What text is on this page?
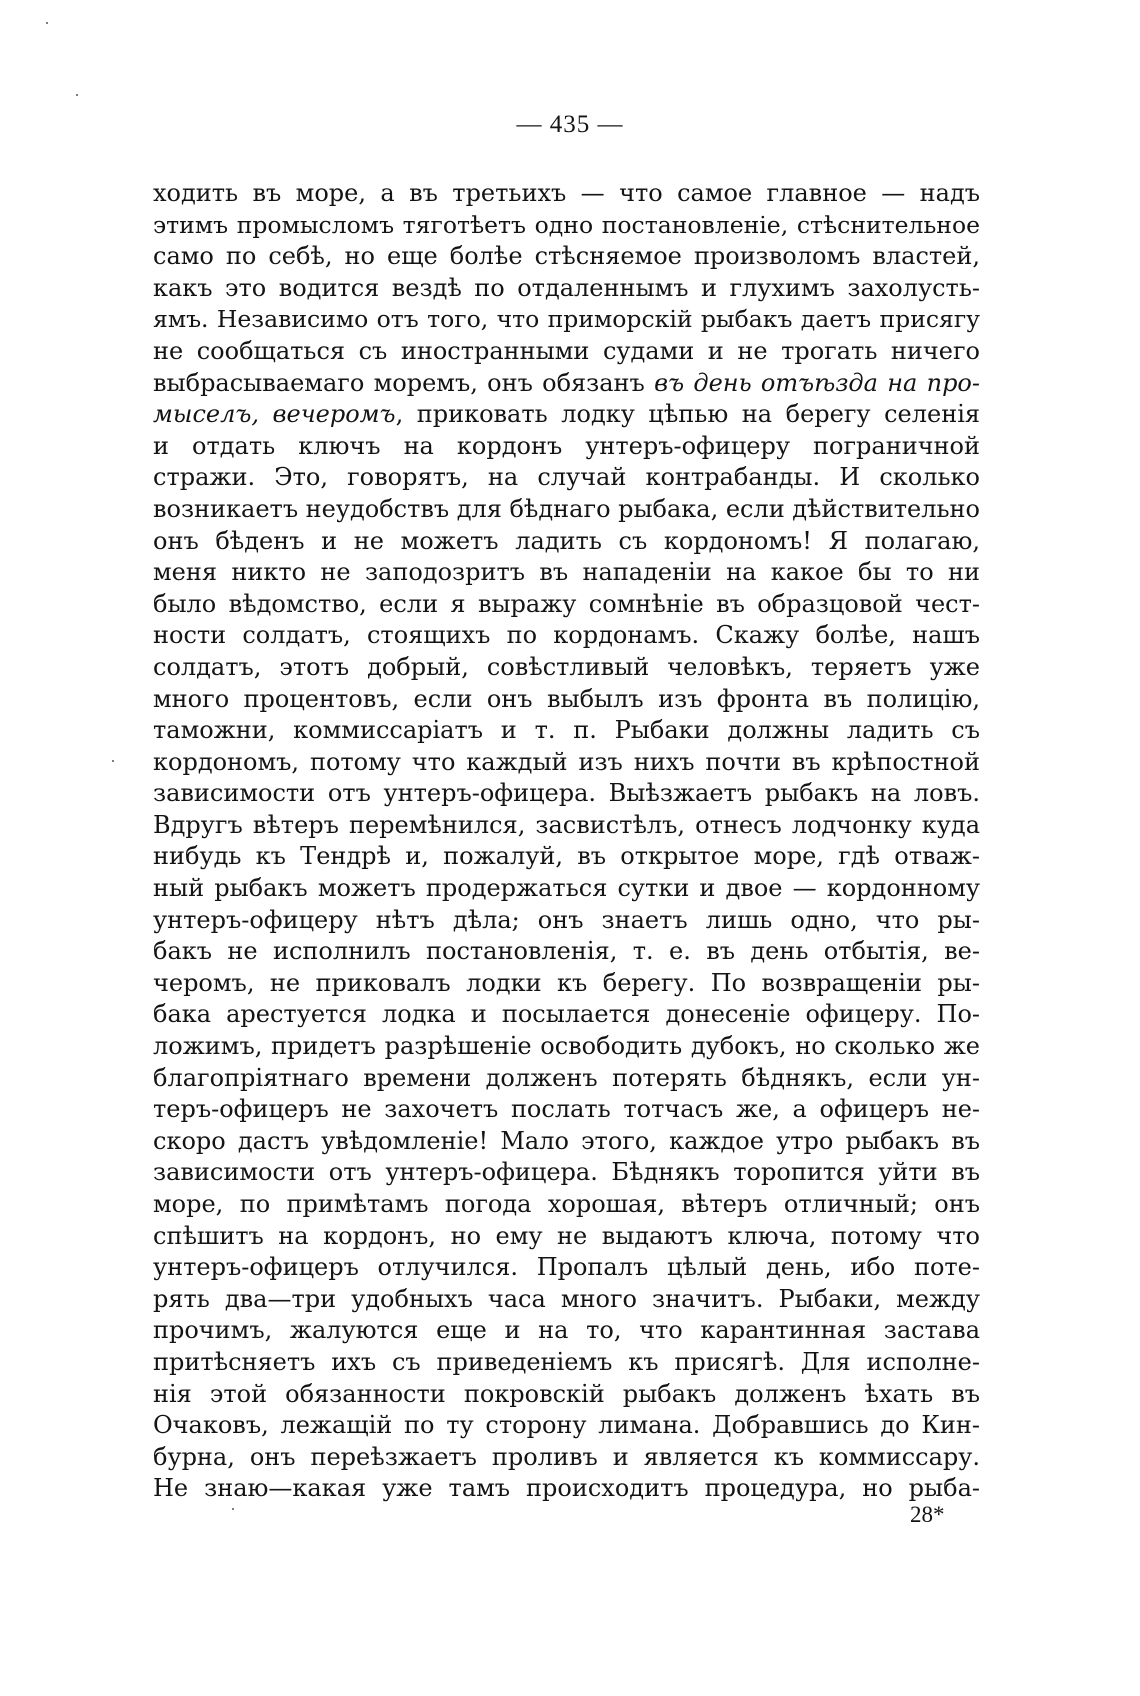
— 435 —
ходить въ море, а въ третьихъ — что самое главное — надъ
этимъ промысломъ тяготѣетъ одно постановленіе, стѣснительное
само по себѣ, но еще болѣе стѣсняемое произволомъ властей,
какъ это водится вездѣ по отдаленнымъ и глухимъ захолусть-
ямъ. Независимо отъ того, что приморскій рыбакъ даетъ присягу
не сообщаться съ иностранными судами и не трогать ничего
выбрасываемаго моремъ, онъ обязанъ въ день отъѣзда на про-
мыселъ, вечеромъ, приковать лодку цѣпью на берегу селенія
и отдать ключъ на кордонъ унтеръ-офицеру пограничной
стражи. Это, говорятъ, на случай контрабанды. И сколько
возникаетъ неудобствъ для бѣднаго рыбака, если дѣйствительно
онъ бѣденъ и не можетъ ладить съ кордономъ! Я полагаю,
меня никто не заподозритъ въ нападеніи на какое бы то ни
было вѣдомство, если я выражу сомнѣніе въ образцовой чест-
ности солдатъ, стоящихъ по кордонамъ. Скажу болѣе, нашъ
солдатъ, этотъ добрый, совѣстливый человѣкъ, теряетъ уже
много процентовъ, если онъ выбылъ изъ фронта въ полицію,
таможни, коммиссаріатъ и т. п. Рыбаки должны ладить съ
кордономъ, потому что каждый изъ нихъ почти въ крѣпостной
зависимости отъ унтеръ-офицера. Выѣзжаетъ рыбакъ на ловъ.
Вдругъ вѣтеръ перемѣнился, засвистѣлъ, отнесъ лодчонку куда
нибудь къ Тендрѣ и, пожалуй, въ открытое море, гдѣ отваж-
ный рыбакъ можетъ продержаться сутки и двое — кордонному
унтеръ-офицеру нѣтъ дѣла; онъ знаетъ лишь одно, что ры-
бакъ не исполнилъ постановленія, т. е. въ день отбытія, ве-
черомъ, не приковалъ лодки къ берегу. По возвращеніи ры-
бака арестуется лодка и посылается донесеніе офицеру. По-
ложимъ, придетъ разрѣшеніе освободить дубокъ, но сколько же
благопріятнаго времени долженъ потерять бѣднякъ, если ун-
теръ-офицеръ не захочетъ послать тотчасъ же, а офицеръ не-
скоро дастъ увѣдомленіе! Мало этого, каждое утро рыбакъ въ
зависимости отъ унтеръ-офицера. Бѣднякъ торопится уйти въ
море, по примѣтамъ погода хорошая, вѣтеръ отличный; онъ
спѣшитъ на кордонъ, но ему не выдаютъ ключа, потому что
унтеръ-офицеръ отлучился. Пропалъ цѣлый день, ибо поте-
рять два—три удобныхъ часа много значитъ. Рыбаки, между
прочимъ, жалуются еще и на то, что карантинная застава
притѣсняетъ ихъ съ приведеніемъ къ присягѣ. Для исполне-
нія этой обязанности покровскій рыбакъ долженъ ѣхать въ
Очаковъ, лежащій по ту сторону лимана. Добравшись до Кин-
бурна, онъ переѣзжаетъ проливъ и является къ коммиссару.
Не знаю—какая уже тамъ происходитъ процедура, но рыба-
28*
